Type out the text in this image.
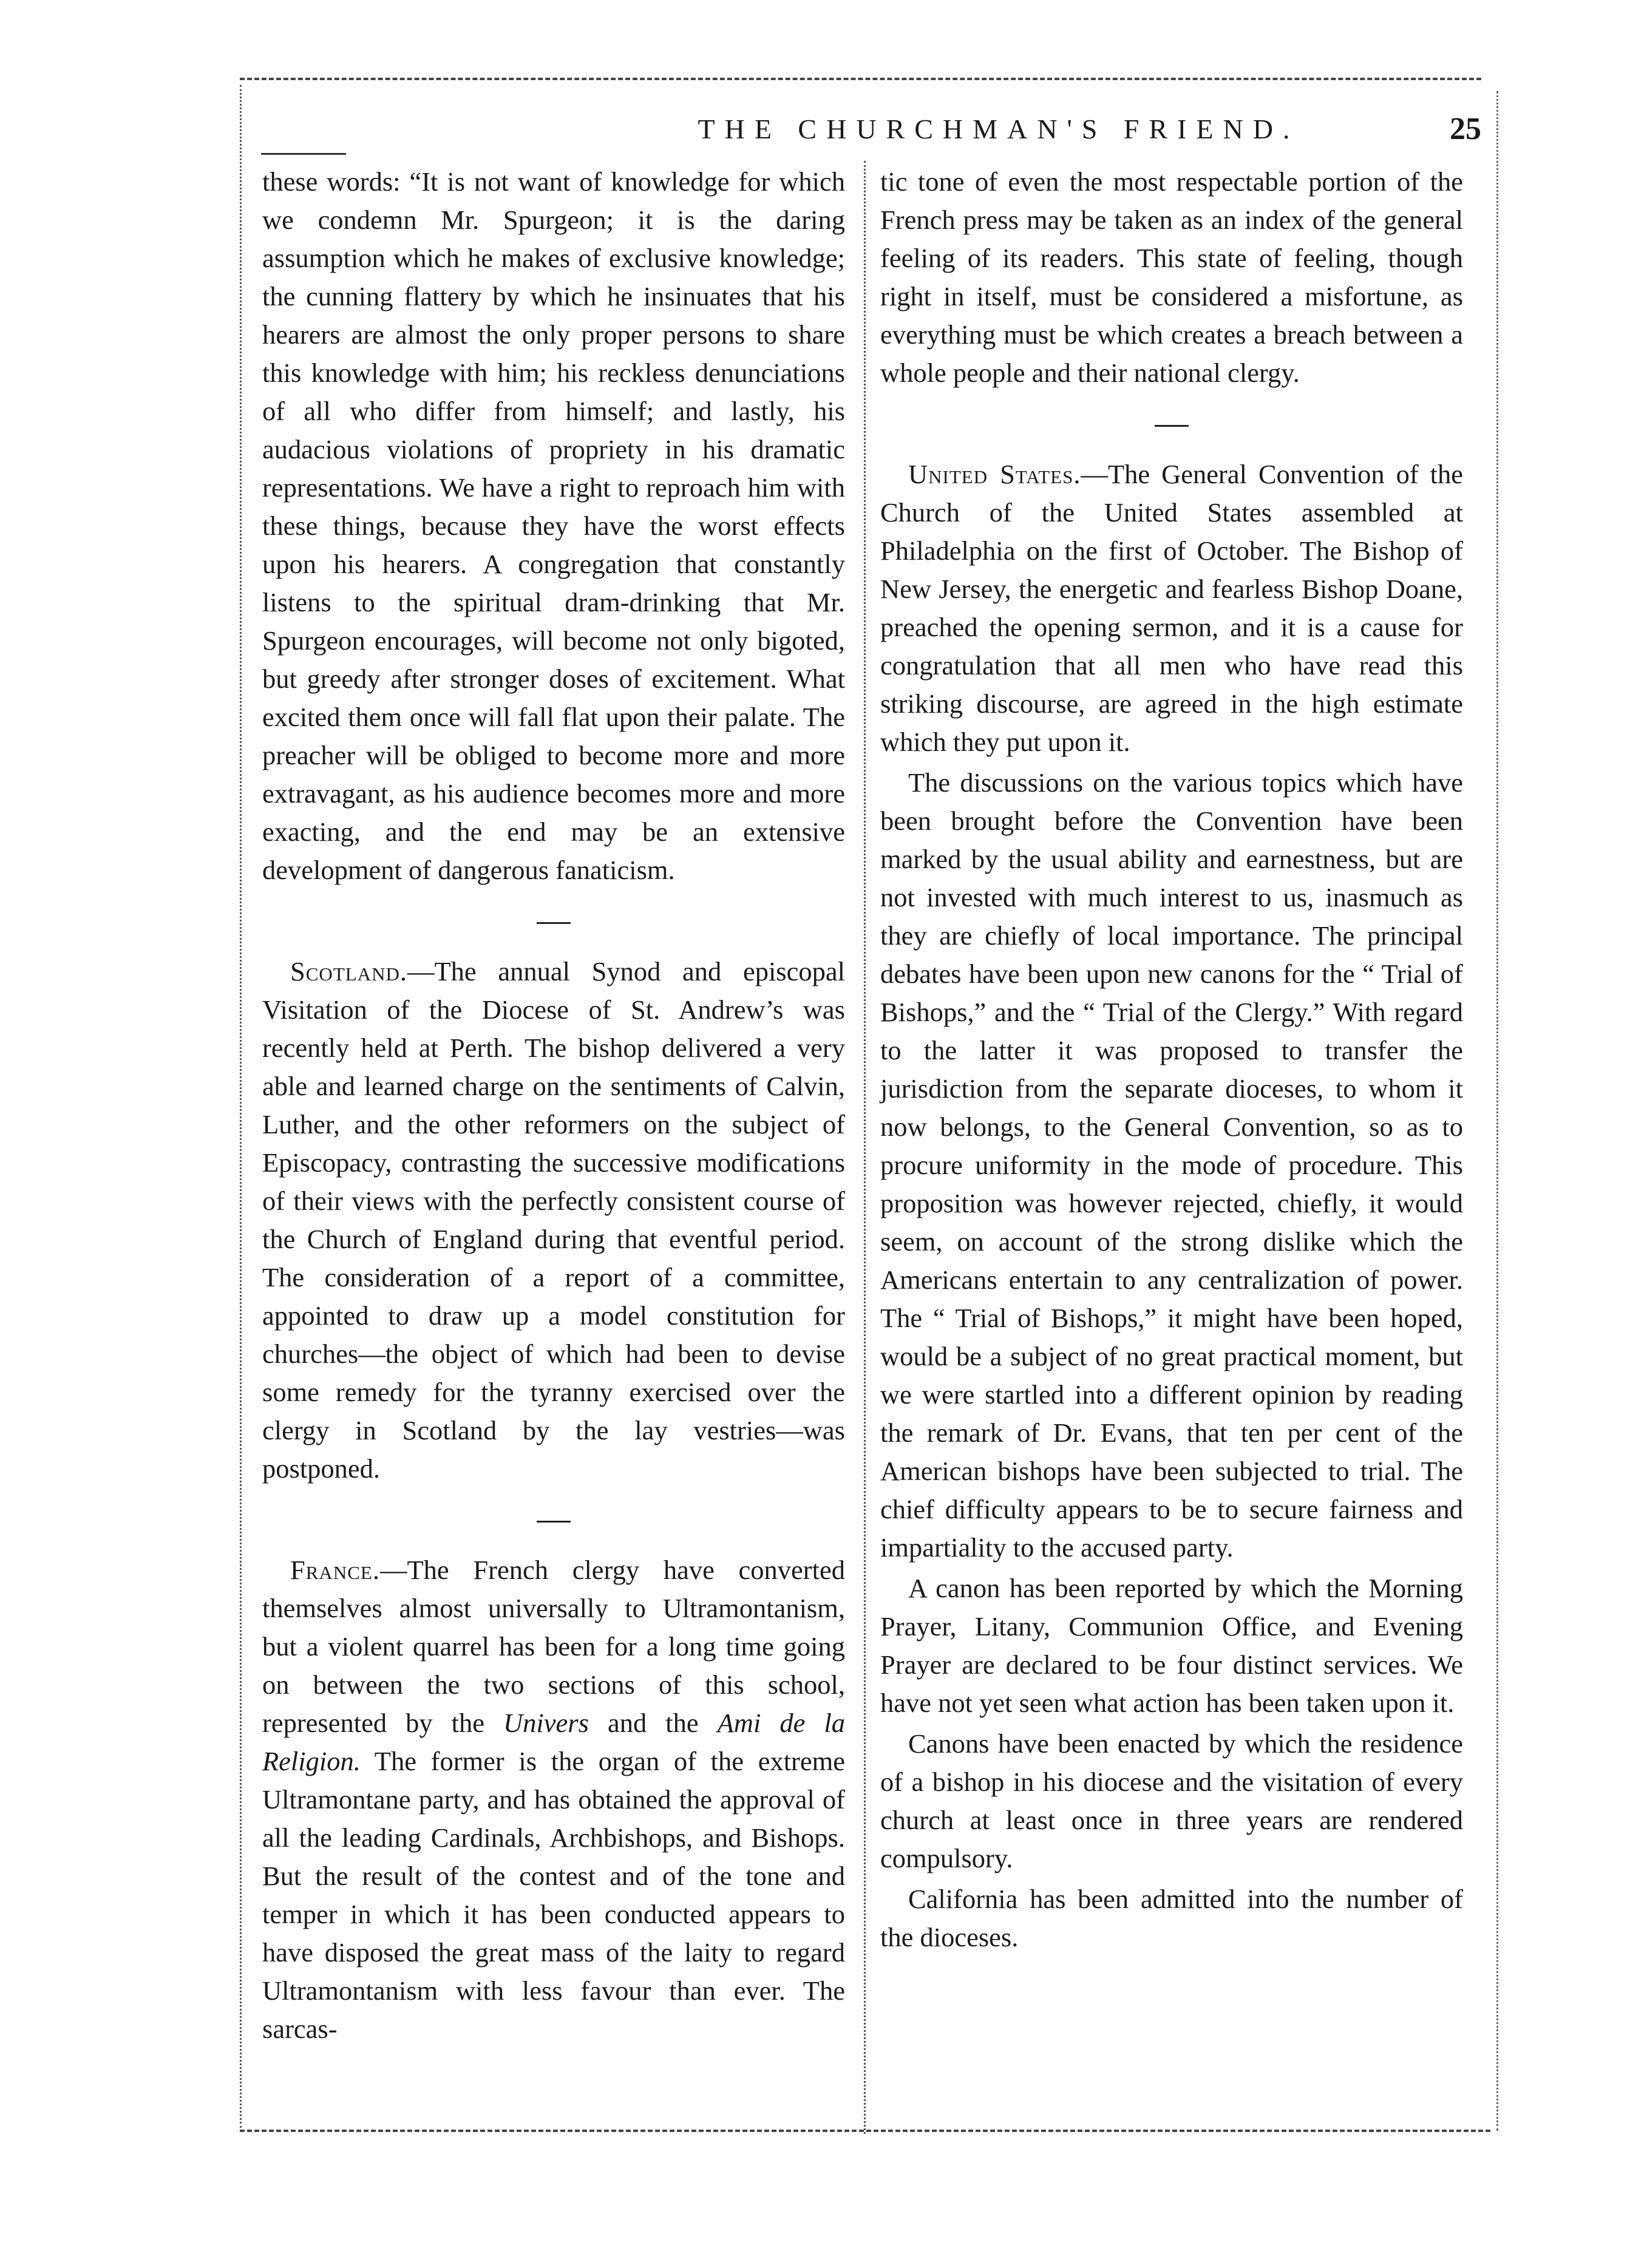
THE CHURCHMAN'S FRIEND.	25

these words: “It is not want of knowledge for which we condemn Mr. Spurgeon; it is the daring assumption which he makes of exclusive knowledge; the cunning flattery by which he insinuates that his hearers are almost the only proper persons to share this knowledge with him; his reckless denunciations of all who differ from himself; and lastly, his audacious violations of propriety in his dramatic representations. We have a right to reproach him with these things, because they have the worst effects upon his hearers. A congregation that constantly listens to the spiritual dram-drinking that Mr. Spurgeon encourages, will become not only bigoted, but greedy after stronger doses of excitement. What excited them once will fall flat upon their palate. The preacher will be obliged to become more and more extravagant, as his audience becomes more and more exacting, and the end may be an extensive development of dangerous fanaticism.

Scotland.—The annual Synod and episcopal Visitation of the Diocese of St. Andrew’s was recently held at Perth. The bishop delivered a very able and learned charge on the sentiments of Calvin, Luther, and the other reformers on the subject of Episcopacy, contrasting the successive modifications of their views with the perfectly consistent course of the Church of England during that eventful period. The consideration of a report of a committee, appointed to draw up a model constitution for churches—the object of which had been to devise some remedy for the tyranny exercised over the clergy in Scotland by the lay vestries—was postponed.

France.—The French clergy have converted themselves almost universally to Ultramontanism, but a violent quarrel has been for a long time going on between the two sections of this school, represented by the Univers and the Ami de la Religion. The former is the organ of the extreme Ultramontane party, and has obtained the approval of all the leading Cardinals, Archbishops, and Bishops. But the result of the contest and of the tone and temper in which it has been conducted appears to have disposed the great mass of the laity to regard Ultramontanism with less favour than ever. The sarcas-

tic tone of even the most respectable portion of the French press may be taken as an index of the general feeling of its readers. This state of feeling, though right in itself, must be considered a misfortune, as everything must be which creates a breach between a whole people and their national clergy.

United States.—The General Convention of the Church of the United States assembled at Philadelphia on the first of October. The Bishop of New Jersey, the energetic and fearless Bishop Doane, preached the opening sermon, and it is a cause for congratulation that all men who have read this striking discourse, are agreed in the high estimate which they put upon it.

The discussions on the various topics which have been brought before the Convention have been marked by the usual ability and earnestness, but are not invested with much interest to us, inasmuch as they are chiefly of local importance. The principal debates have been upon new canons for the “ Trial of Bishops,” and the “ Trial of the Clergy.” With regard to the latter it was proposed to transfer the jurisdiction from the separate dioceses, to whom it now belongs, to the General Convention, so as to procure uniformity in the mode of procedure. This proposition was however rejected, chiefly, it would seem, on account of the strong dislike which the Americans entertain to any centralization of power. The “ Trial of Bishops,” it might have been hoped, would be a subject of no great practical moment, but we were startled into a different opinion by reading the remark of Dr. Evans, that ten per cent of the American bishops have been subjected to trial. The chief difficulty appears to be to secure fairness and impartiality to the accused party.

A canon has been reported by which the Morning Prayer, Litany, Communion Office, and Evening Prayer are declared to be four distinct services. We have not yet seen what action has been taken upon it.

Canons have been enacted by which the residence of a bishop in his diocese and the visitation of every church at least once in three years are rendered compulsory.

California has been admitted into the number of the dioceses.
